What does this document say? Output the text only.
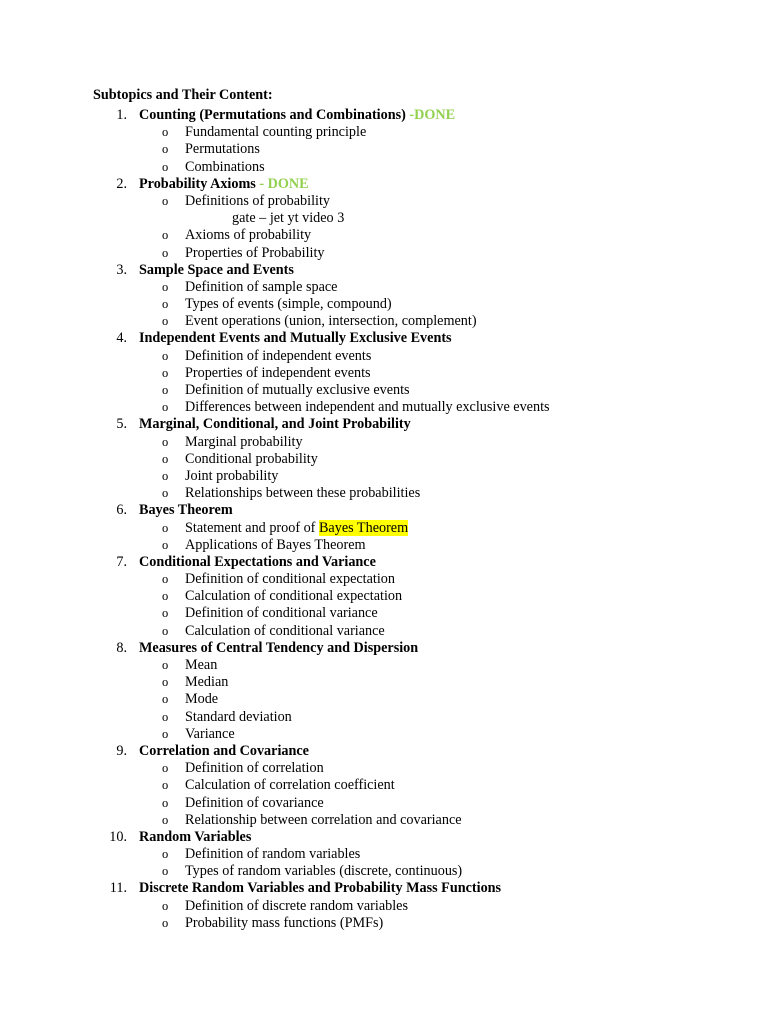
Subtopics and Their Content:
1. Counting (Permutations and Combinations) -DONE
o Fundamental counting principle
o Permutations
o Combinations
2. Probability Axioms - DONE
o Definitions of probability
gate – jet yt video 3
o Axioms of probability
o Properties of Probability
3. Sample Space and Events
o Definition of sample space
o Types of events (simple, compound)
o Event operations (union, intersection, complement)
4. Independent Events and Mutually Exclusive Events
o Definition of independent events
o Properties of independent events
o Definition of mutually exclusive events
o Differences between independent and mutually exclusive events
5. Marginal, Conditional, and Joint Probability
o Marginal probability
o Conditional probability
o Joint probability
o Relationships between these probabilities
6. Bayes Theorem
o Statement and proof of Bayes Theorem
o Applications of Bayes Theorem
7. Conditional Expectations and Variance
o Definition of conditional expectation
o Calculation of conditional expectation
o Definition of conditional variance
o Calculation of conditional variance
8. Measures of Central Tendency and Dispersion
o Mean
o Median
o Mode
o Standard deviation
o Variance
9. Correlation and Covariance
o Definition of correlation
o Calculation of correlation coefficient
o Definition of covariance
o Relationship between correlation and covariance
10. Random Variables
o Definition of random variables
o Types of random variables (discrete, continuous)
11. Discrete Random Variables and Probability Mass Functions
o Definition of discrete random variables
o Probability mass functions (PMFs)
